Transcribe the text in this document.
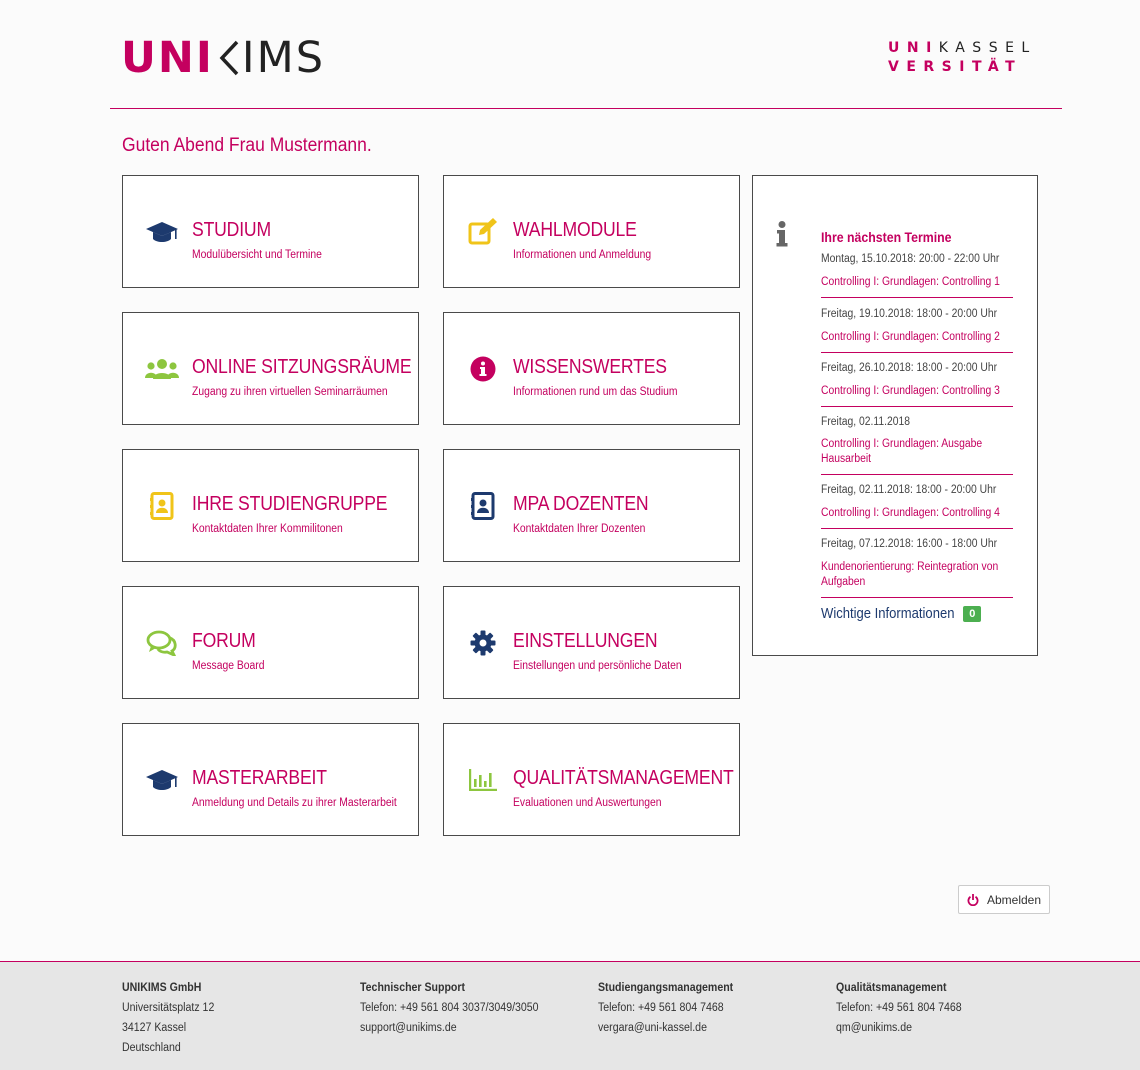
UNI IMS	UNIKASSEL
VERSITÄT
Guten Abend Frau Mustermann.
STUDIUM
Modulübersicht und Termine
WAHLMODULE
Informationen und Anmeldung
ONLINE SITZUNGSRÄUME
Zugang zu ihren virtuellen Seminarräumen
WISSENSWERTES
Informationen rund um das Studium
IHRE STUDIENGRUPPE
Kontaktdaten Ihrer Kommilitonen
MPA DOZENTEN
Kontaktdaten Ihrer Dozenten
FORUM
Message Board
EINSTELLUNGEN
Einstellungen und persönliche Daten
MASTERARBEIT
Anmeldung und Details zu ihrer Masterarbeit
QUALITÄTSMANAGEMENT
Evaluationen und Auswertungen
Ihre nächsten Termine
Montag, 15.10.2018: 20:00 - 22:00 Uhr
Controlling I: Grundlagen: Controlling 1
Freitag, 19.10.2018: 18:00 - 20:00 Uhr
Controlling I: Grundlagen: Controlling 2
Freitag, 26.10.2018: 18:00 - 20:00 Uhr
Controlling I: Grundlagen: Controlling 3
Freitag, 02.11.2018
Controlling I: Grundlagen: Ausgabe Hausarbeit
Freitag, 02.11.2018: 18:00 - 20:00 Uhr
Controlling I: Grundlagen: Controlling 4
Freitag, 07.12.2018: 16:00 - 18:00 Uhr
Kundenorientierung: Reintegration von Aufgaben
Wichtige Informationen	0
Abmelden
UNIKIMS GmbH
Universitätsplatz 12
34127 Kassel
Deutschland
Technischer Support
Telefon: +49 561 804 3037/3049/3050
support@unikims.de
Studiengangsmanagement
Telefon: +49 561 804 7468
vergara@uni-kassel.de
Qualitätsmanagement
Telefon: +49 561 804 7468
qm@unikims.de
